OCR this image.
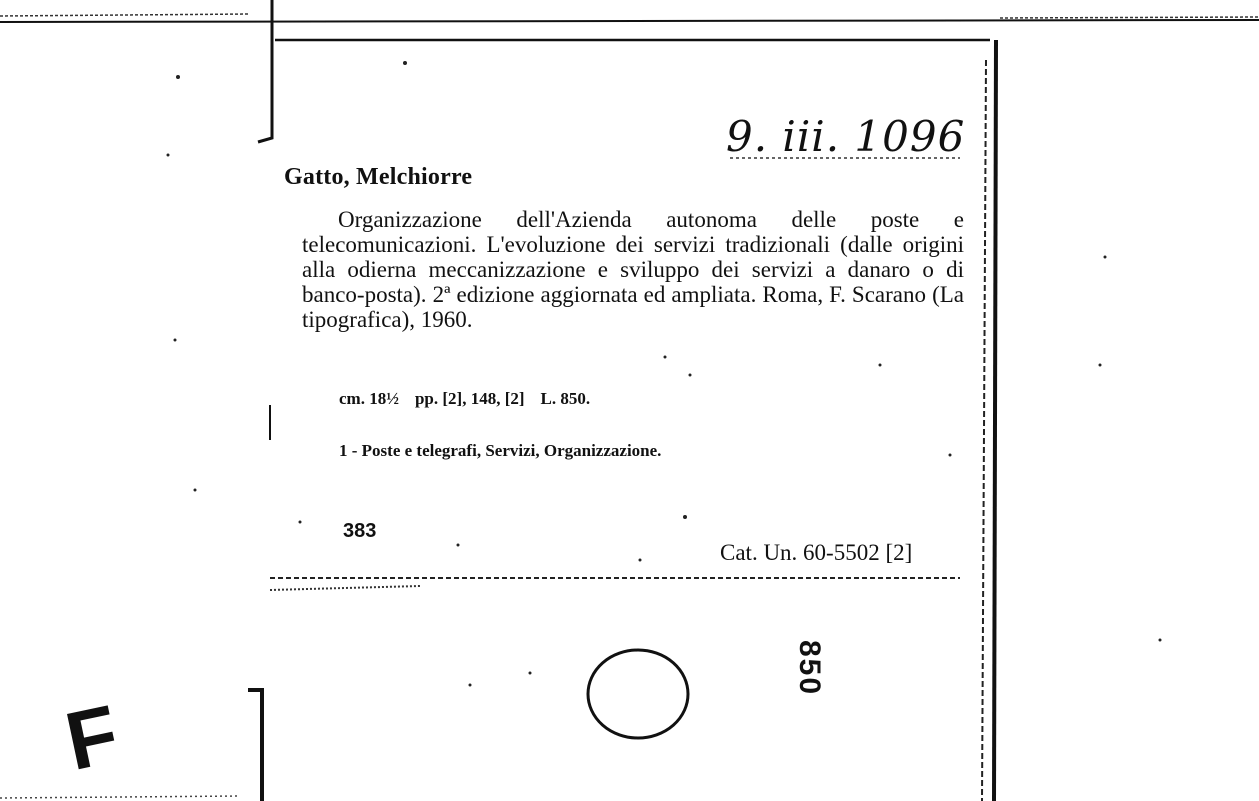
Gatto, Melchiorre

Organizzazione dell'Azienda autonoma delle poste e telecomunicazioni. L'evoluzione dei servizi tradizionali (dalle origini alla odierna meccanizzazione e sviluppo dei servizi a danaro o di banco-posta). 2ª edizione aggiornata ed ampliata. Roma, F. Scarano (La tipografica), 1960.

cm. 18½ pp. [2], 148, [2] L. 850.
1 - Poste e telegrafi, Servizi, Organizzazione.
383
Cat. Un. 60-5502 [2]
9. iii. 1096
850
F
